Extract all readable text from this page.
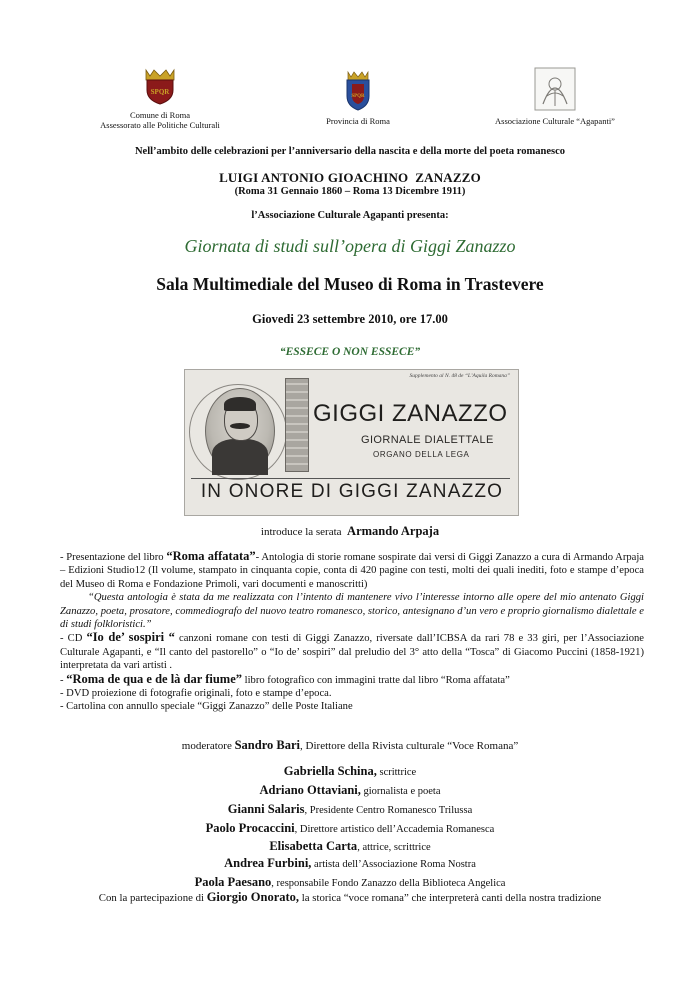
SPQR
Comune di Roma
Assessorato alle Politiche Culturali
SPQR
Provincia di Roma	Associazione Culturale “Agapanti”
Nell’ambito delle celebrazioni per l’anniversario della nascita e della morte del poeta romanesco
LUIGI ANTONIO GIOACHINO  ZANAZZO
(Roma 31 Gennaio 1860 – Roma 13 Dicembre 1911)
l’Associazione Culturale Agapanti presenta:
Giornata di studi sull’opera di Giggi Zanazzo
Sala Multimediale del Museo di Roma in Trastevere
Giovedi 23 settembre 2010, ore 17.00
“ESSECE O NON ESSECE”
Supplemento al N. 48 de “L’Aquila Romana”
GIGGI ZANAZZO
GIORNALE DIALETTALE
ORGANO DELLA LEGA
IN ONORE DI GIGGI ZANAZZO
introduce la serata Armando Arpaja

- Presentazione del libro “Roma affatata”- Antologia di storie romane sospirate dai versi di Giggi Zanazzo a cura di Armando Arpaja – Edizioni Studio12 (Il volume, stampato in cinquanta copie, conta di 420 pagine con testi, molti dei quali inediti, foto e stampe d’epoca del Museo di Roma e Fondazione Primoli, vari documenti e manoscritti)

“Questa antologia è stata da me realizzata con l’intento di mantenere vivo l’interesse intorno alle opere del mio antenato Giggi Zanazzo, poeta, prosatore, commediografo del nuovo teatro romanesco, storico, antesignano d’un vero e proprio giornalismo dialettale e di studi folkloristici.”

- CD “Io de’ sospiri “ canzoni romane con testi di Giggi Zanazzo, riversate dall’ICBSA da rari 78 e 33 giri, per l’Associazione Culturale Agapanti, e “Il canto del pastorello” o “Io de’ sospiri” dal preludio del 3° atto della “Tosca” di Giacomo Puccini (1858-1921) interpretata da vari artisti .

- “Roma de qua e de là dar fiume” libro fotografico con immagini tratte dal libro “Roma affatata”

- DVD proiezione di fotografie originali, foto e stampe d’epoca.

- Cartolina con annullo speciale “Giggi Zanazzo” delle Poste Italiane

moderatore Sandro Bari, Direttore della Rivista culturale “Voce Romana”
Gabriella Schina, scrittrice
Adriano Ottaviani, giornalista e poeta
Gianni Salaris, Presidente Centro Romanesco Trilussa
Paolo Procaccini, Direttore artistico dell’Accademia Romanesca
Elisabetta Carta, attrice, scrittrice
Andrea Furbini, artista dell’Associazione Roma Nostra
Paola Paesano, responsabile Fondo Zanazzo della Biblioteca Angelica
Con la partecipazione di Giorgio Onorato, la storica “voce romana” che interpreterà canti della nostra tradizione
